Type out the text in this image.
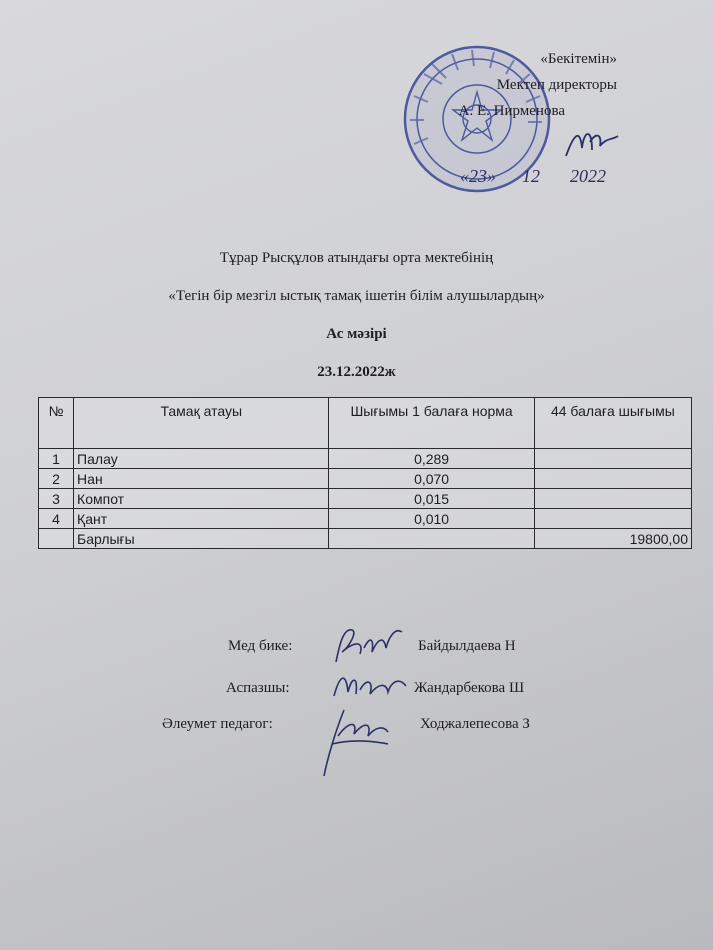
«Бекітемін»
Мектеп директоры
А. Е. Пирменова
«23» 12 2022
Тұрар Рысқұлов атындағы орта мектебінің
«Тегін бір мезгіл ыстық тамақ ішетін білім алушылардың»
Ас мәзірі
23.12.2022ж
№	Тамақ атауы	Шығымы 1 балаға норма	44 балаға шығымы
1	Палау	0,289	
2	Нан	0,070	
3	Компот	0,015	
4	Қант	0,010	
	Барлығы		19800,00
Мед бике:	Байдылдаева Н
Аспазшы:	Жандарбекова Ш
Әлеумет педагог:	Ходжалепесова З
